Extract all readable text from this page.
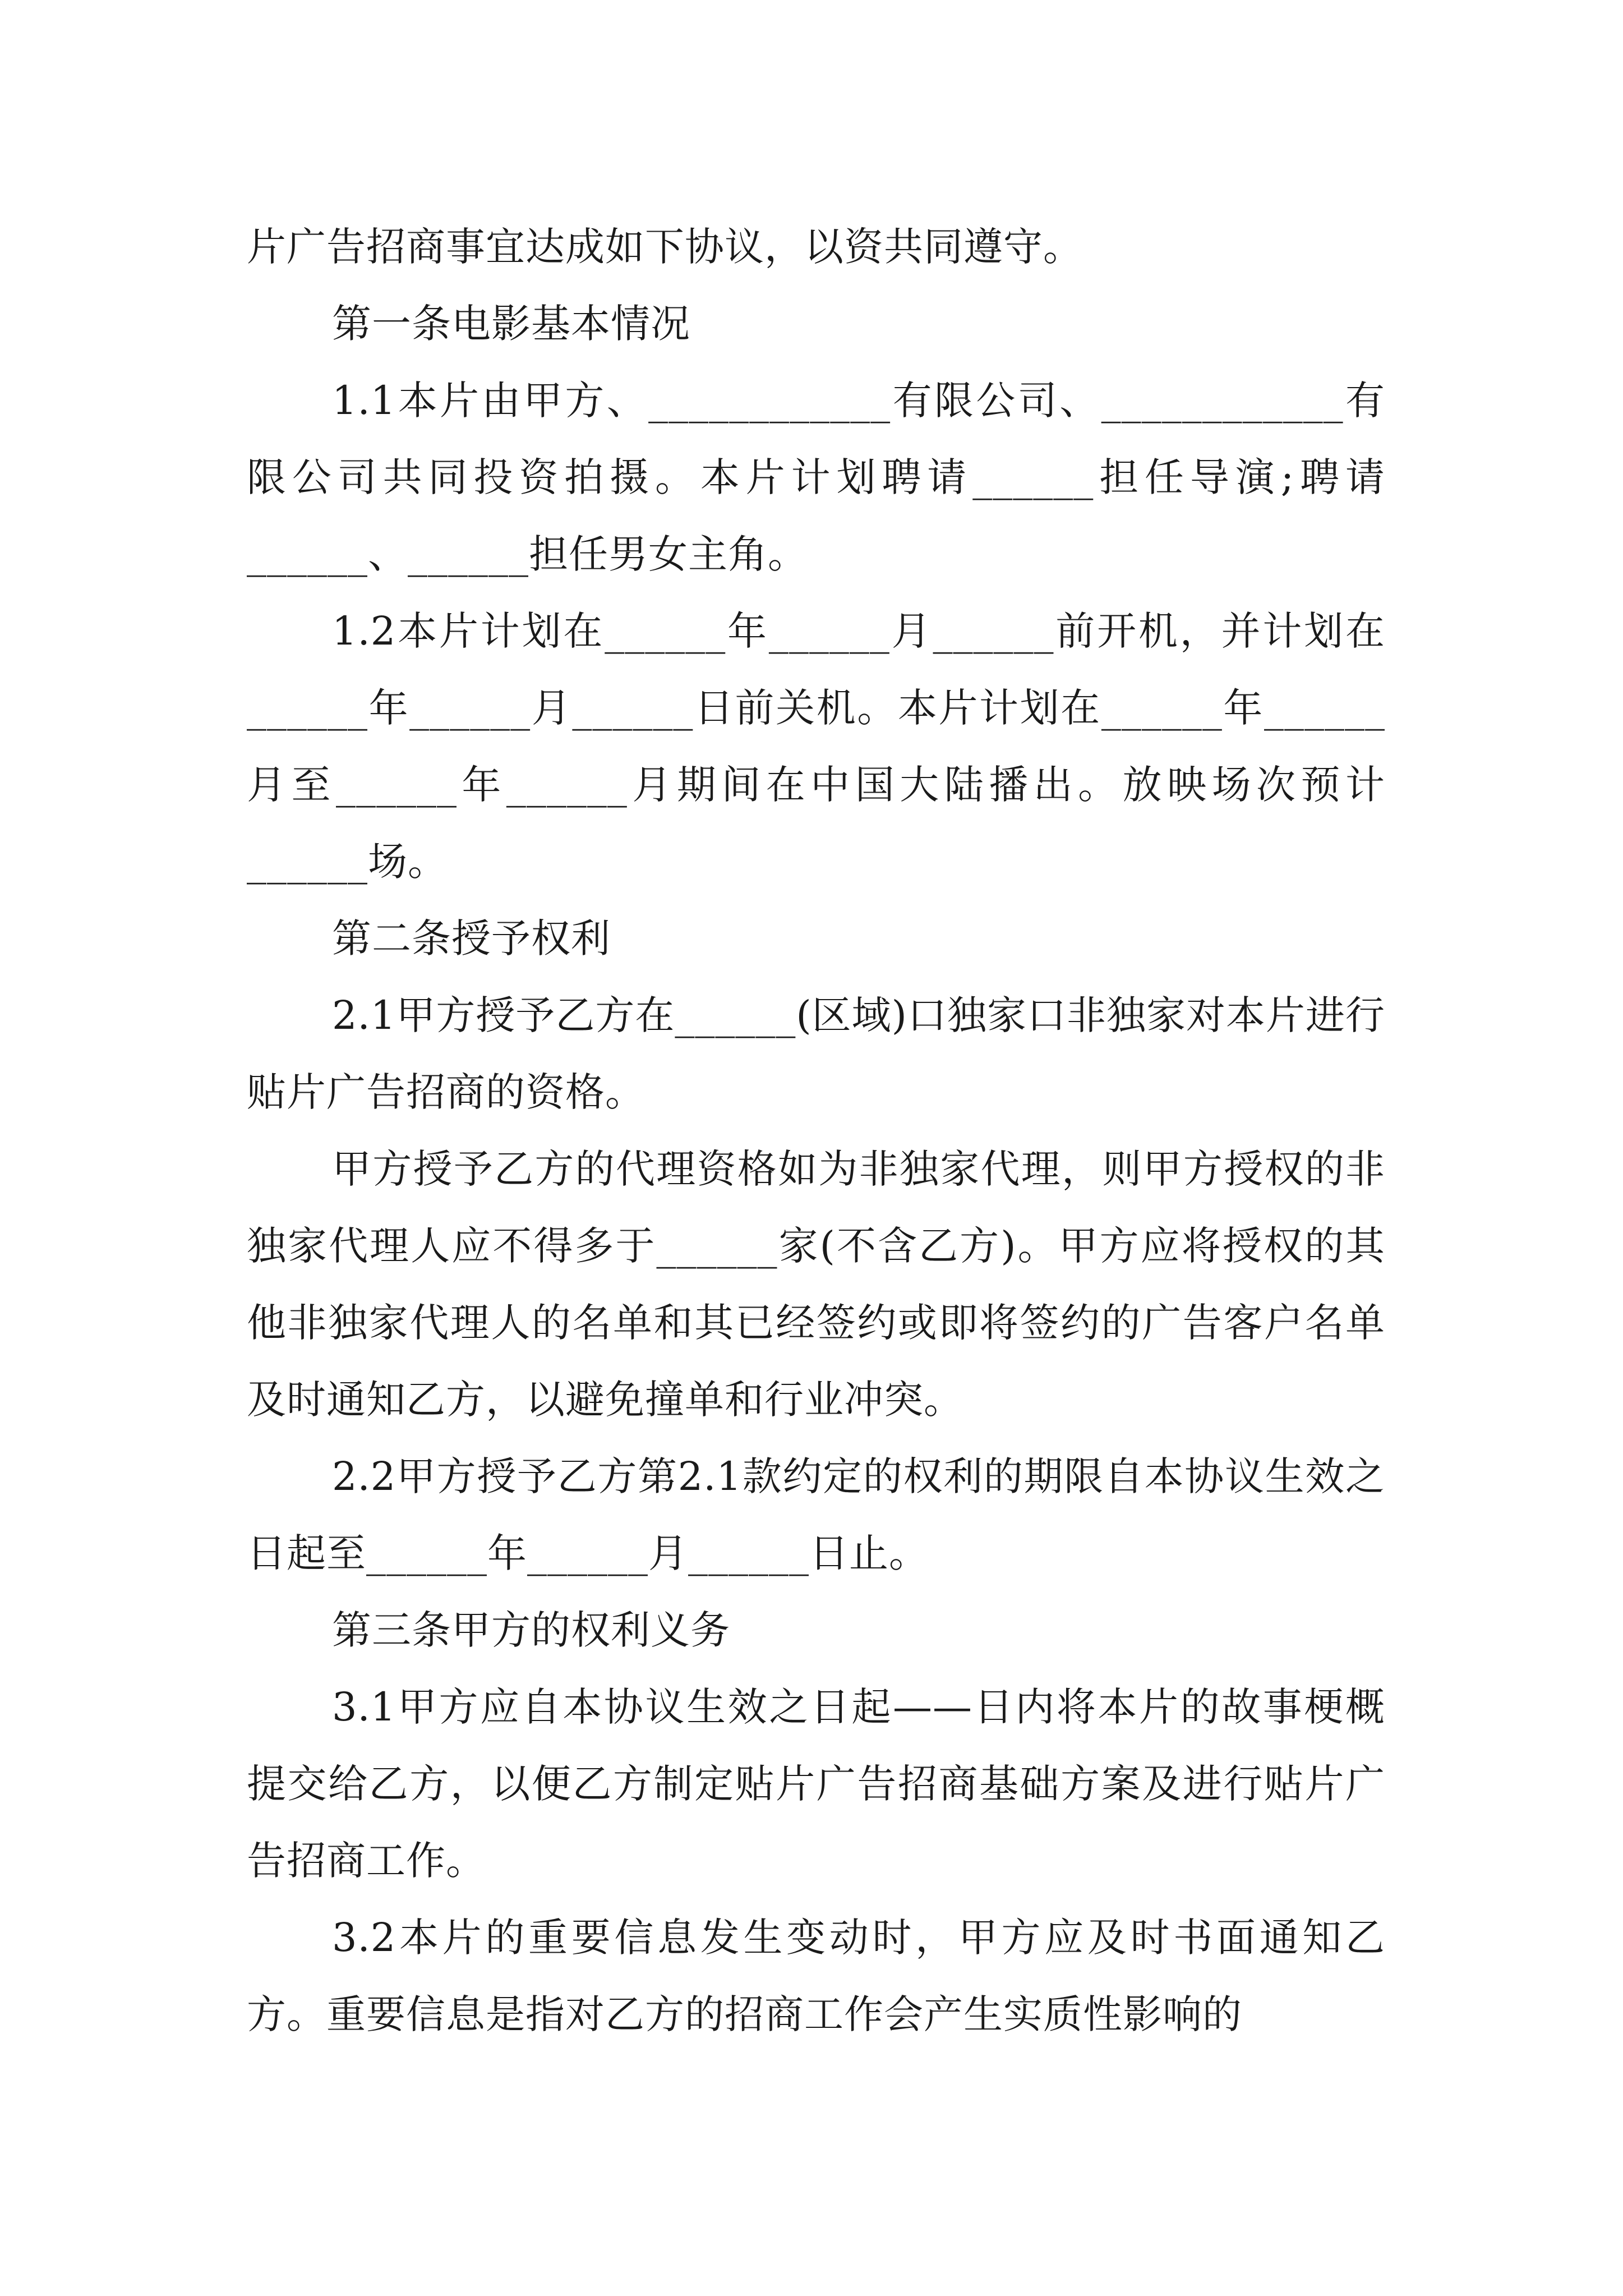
片广告招商事宜达成如下协议，以资共同遵守。

第一条电影基本情况

1.1本片由甲方、____________有限公司、____________有限公司共同投资拍摄。本片计划聘请______担任导演;聘请______、______担任男女主角。

1.2本片计划在______年______月______前开机，并计划在______年______月______日前关机。本片计划在______年______月至______年______月期间在中国大陆播出。放映场次预计______场。

第二条授予权利

2.1甲方授予乙方在______(区域)口独家口非独家对本片进行贴片广告招商的资格。

甲方授予乙方的代理资格如为非独家代理，则甲方授权的非独家代理人应不得多于______家(不含乙方)。甲方应将授权的其他非独家代理人的名单和其已经签约或即将签约的广告客户名单及时通知乙方，以避免撞单和行业冲突。

2.2甲方授予乙方第2.1款约定的权利的期限自本协议生效之日起至______年______月______日止。

第三条甲方的权利义务

3.1甲方应自本协议生效之日起——日内将本片的故事梗概提交给乙方，以便乙方制定贴片广告招商基础方案及进行贴片广告招商工作。

3.2本片的重要信息发生变动时，甲方应及时书面通知乙方。重要信息是指对乙方的招商工作会产生实质性影响的
